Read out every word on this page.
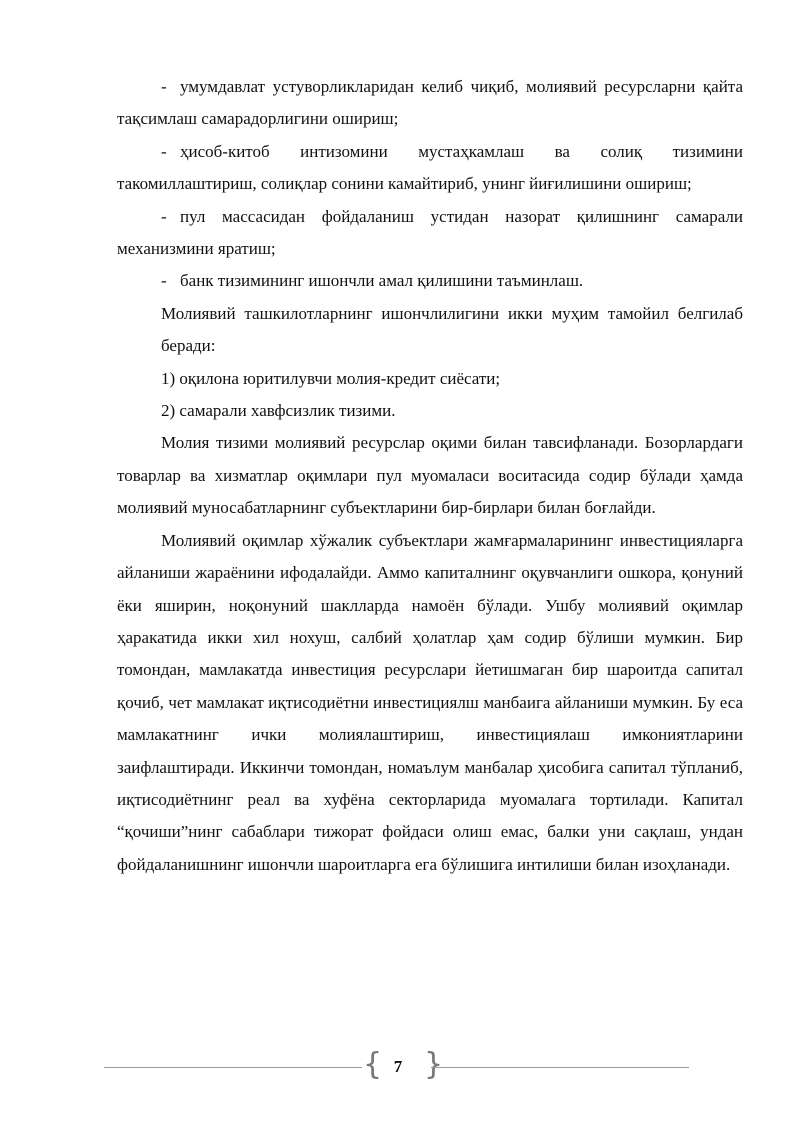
- умумдавлат устуворликларидан келиб чиқиб, молиявий ресурсларни қайта тақсимлаш самарадорлигини ошириш;

- ҳисоб-китоб интизомини мустаҳкамлаш ва солиқ тизимини такомиллаштириш, солиқлар сонини камайтириб, унинг йиғилишини ошириш;

- пул массасидан фойдаланиш устидан назорат қилишнинг самарали механизмини яратиш;

- банк тизимининг ишончли амал қилишини таъминлаш.

Молиявий ташкилотларнинг ишончлилигини икки муҳим тамойил белгилаб беради:

1) оқилона юритилувчи молия-кредит сиёсати;

2) самарали хавфсизлик тизими.

Молия тизими молиявий ресурслар оқими билан тавсифланади. Бозорлардаги товарлар ва хизматлар оқимлари пул муомаласи воситасида содир бўлади ҳамда молиявий муносабатларнинг субъектларини бир-бирлари билан боғлайди.

Молиявий оқимлар хўжалик субъектлари жамғармаларининг инвестицияларга айланиши жараёнини ифодалайди. Аммо капиталнинг оқувчанлиги ошкора, қонуний ёки яширин, ноқонуний шаклларда намоён бўлади. Ушбу молиявий оқимлар ҳаракатида икки хил нохуш, салбий ҳолатлар ҳам содир бўлиши мумкин. Бир томондан, мамлакатда инвестиция ресурслари йетишмаган бир шароитда сапитал қочиб, чет мамлакат иқтисодиётни инвестициялш манбаига айланиши мумкин. Бу еса мамлакатнинг ички молиялаштириш, инвестициялаш имкониятларини заифлаштиради. Иккинчи томондан, номаълум манбалар ҳисобига сапитал тўпланиб, иқтисодиётнинг реал ва хуфёна секторларида муомалага тортилади. Капитал “қочиши”нинг сабаблари тижорат фойдаси олиш емас, балки уни сақлаш, ундан фойдаланишнинг ишончли шароитларга ега бўлишига интилиши билан изоҳланади.

{ 7 }
